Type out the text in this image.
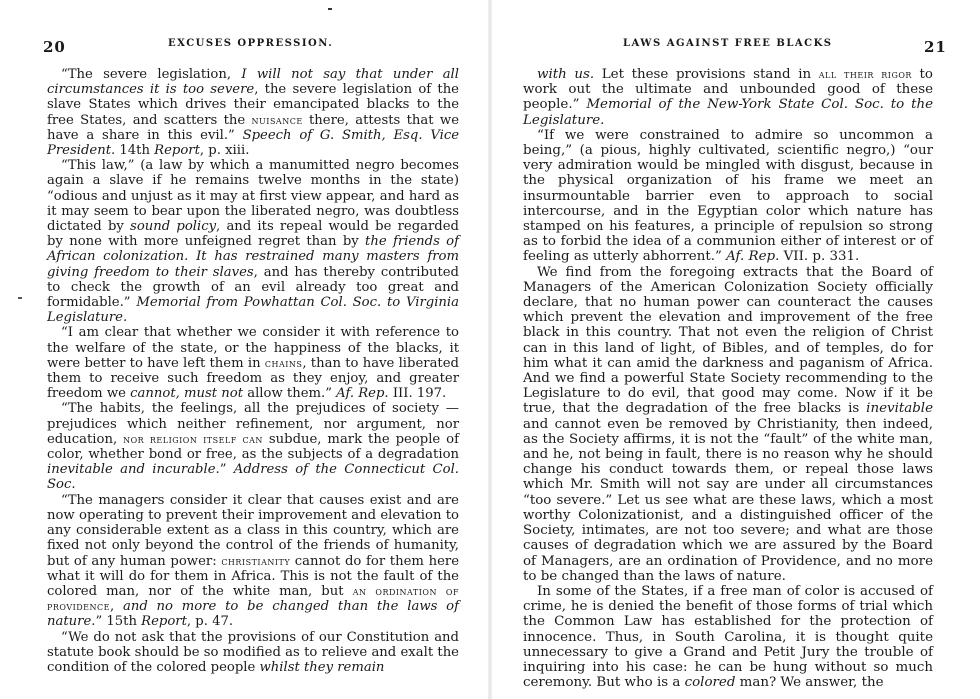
20	EXCUSES OPPRESSION.

“The severe legislation, I will not say that under all circumstances it is too severe, the severe legislation of the slave States which drives their emancipated blacks to the free States, and scatters the nuisance there, attests that we have a share in this evil.” Speech of G. Smith, Esq. Vice President. 14th Report, p. xiii.

“This law,” (a law by which a manumitted negro becomes again a slave if he remains twelve months in the state) “odious and unjust as it may at first view appear, and hard as it may seem to bear upon the liberated negro, was doubtless dictated by sound policy, and its repeal would be regarded by none with more unfeigned regret than by the friends of African colonization. It has restrained many masters from giving freedom to their slaves, and has thereby contributed to check the growth of an evil already too great and formidable.” Memorial from Powhattan Col. Soc. to Virginia Legislature.

“I am clear that whether we consider it with reference to the welfare of the state, or the happiness of the blacks, it were better to have left them in chains, than to have liberated them to receive such freedom as they enjoy, and greater freedom we cannot, must not allow them.” Af. Rep. III. 197.

“The habits, the feelings, all the prejudices of society —prejudices which neither refinement, nor argument, nor education, nor religion itself can subdue, mark the people of color, whether bond or free, as the subjects of a degradation inevitable and incurable.” Address of the Connecticut Col. Soc.

“The managers consider it clear that causes exist and are now operating to prevent their improvement and elevation to any considerable extent as a class in this country, which are fixed not only beyond the control of the friends of humanity, but of any human power: christianity cannot do for them here what it will do for them in Africa. This is not the fault of the colored man, nor of the white man, but an ordination of providence, and no more to be changed than the laws of nature.” 15th Report, p. 47.

“We do not ask that the provisions of our Constitution and statute book should be so modified as to relieve and exalt the condition of the colored people whilst they remain

LAWS AGAINST FREE BLACKS	21

with us. Let these provisions stand in all their rigor to work out the ultimate and unbounded good of these people.” Memorial of the New-York State Col. Soc. to the Legislature.

“If we were constrained to admire so uncommon a being,” (a pious, highly cultivated, scientific negro,) “our very admiration would be mingled with disgust, because in the physical organization of his frame we meet an insurmountable barrier even to approach to social intercourse, and in the Egyptian color which nature has stamped on his features, a principle of repulsion so strong as to forbid the idea of a communion either of interest or of feeling as utterly abhorrent.” Af. Rep. VII. p. 331.

We find from the foregoing extracts that the Board of Managers of the American Colonization Society officially declare, that no human power can counteract the causes which prevent the elevation and improvement of the free black in this country. That not even the religion of Christ can in this land of light, of Bibles, and of temples, do for him what it can amid the darkness and paganism of Africa. And we find a powerful State Society recommending to the Legislature to do evil, that good may come. Now if it be true, that the degradation of the free blacks is inevitable and cannot even be removed by Christianity, then indeed, as the Society affirms, it is not the “fault” of the white man, and he, not being in fault, there is no reason why he should change his conduct towards them, or repeal those laws which Mr. Smith will not say are under all circumstances “too severe.” Let us see what are these laws, which a most worthy Colonizationist, and a distinguished officer of the Society, intimates, are not too severe; and what are those causes of degradation which we are assured by the Board of Managers, are an ordination of Providence, and no more to be changed than the laws of nature.

In some of the States, if a free man of color is accused of crime, he is denied the benefit of those forms of trial which the Common Law has established for the protection of innocence. Thus, in South Carolina, it is thought quite unnecessary to give a Grand and Petit Jury the trouble of inquiring into his case: he can be hung without so much ceremony. But who is a colored man? We answer, the
